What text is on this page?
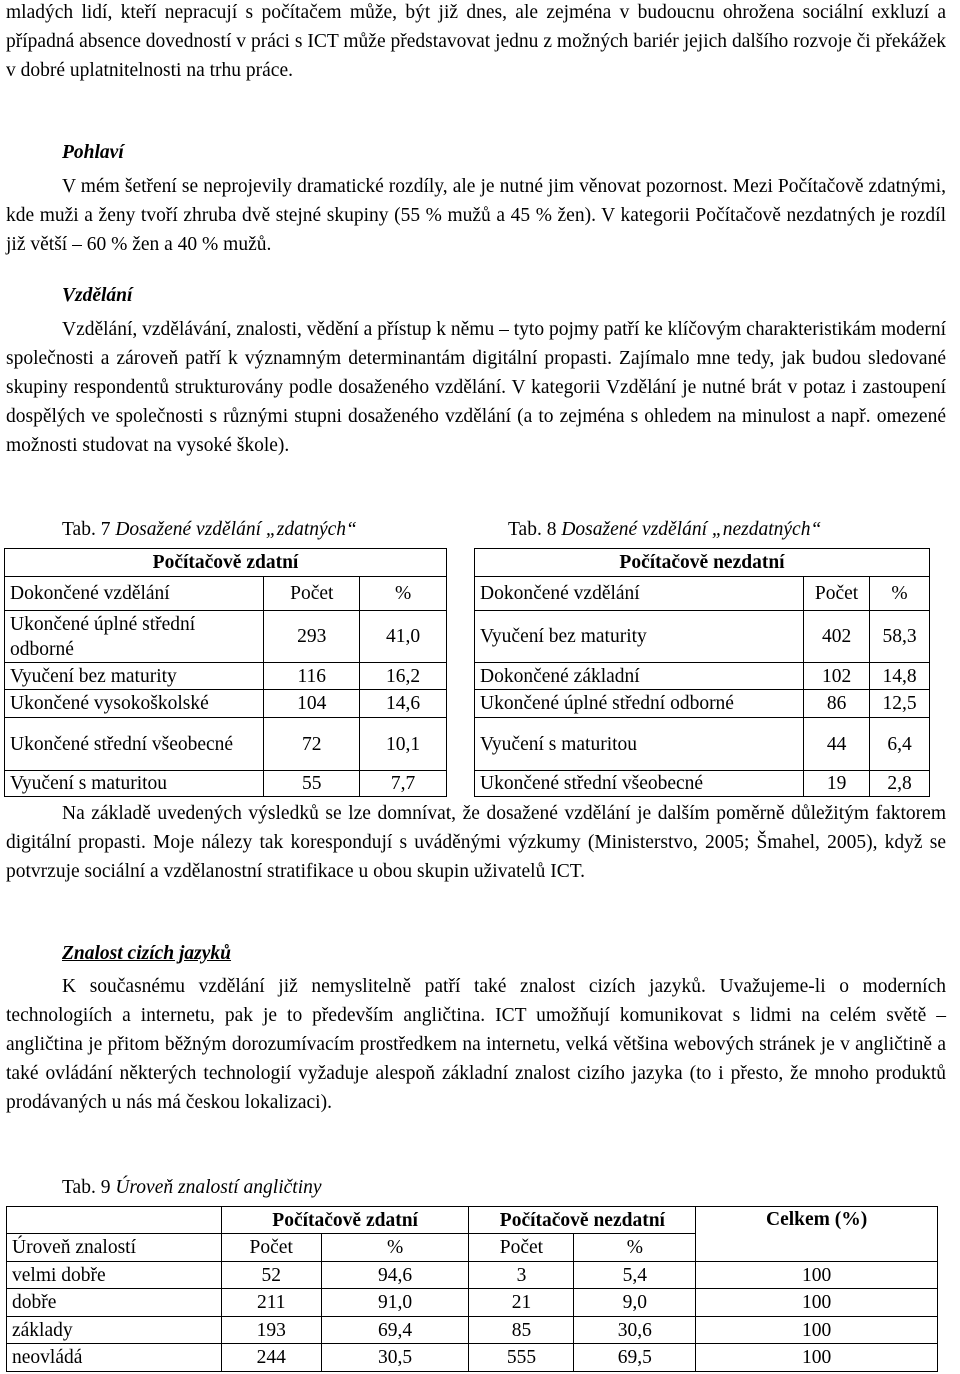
mladých lidí, kteří nepracují s počítačem může, být již dnes, ale zejména v budoucnu ohrožena sociální exkluzí a případná absence dovedností v práci s ICT může představovat jednu z možných bariér jejich dalšího rozvoje či překážek v dobré uplatnitelnosti na trhu práce.
Pohlaví
V mém šetření se neprojevily dramatické rozdíly, ale je nutné jim věnovat pozornost. Mezi Počítačově zdatnými, kde muži a ženy tvoří zhruba dvě stejné skupiny (55 % mužů a 45 % žen). V kategorii Počítačově nezdatných je rozdíl již větší – 60 % žen a 40 % mužů.
Vzdělání
Vzdělání, vzdělávání, znalosti, vědění a přístup k němu – tyto pojmy patří ke klíčovým charakteristikám moderní společnosti a zároveň patří k významným determinantám digitální propasti. Zajímalo mne tedy, jak budou sledované skupiny respondentů strukturovány podle dosaženého vzdělání. V kategorii Vzdělání je nutné brát v potaz i zastoupení dospělých ve společnosti s různými stupni dosaženého vzdělání (a to zejména s ohledem na minulost a např. omezené možnosti studovat na vysoké škole).
Tab. 7 Dosažené vzdělání „zdatných“	Tab. 8 Dosažené vzdělání „nezdatných“
Počítačově zdatní		
Dokončené vzdělání	Počet	%
Ukončené úplné střední odborné	293	41,0
Vyučení bez maturity	116	16,2
Ukončené vysokoškolské	104	14,6
Ukončené střední všeobecné	72	10,1
Vyučení s maturitou	55	7,7
Počítačově nezdatní		
Dokončené vzdělání	Počet	%
Vyučení bez maturity	402	58,3
Dokončené základní	102	14,8
Ukončené úplné střední odborné	86	12,5
Vyučení s maturitou	44	6,4
Ukončené střední všeobecné	19	2,8
Na základě uvedených výsledků se lze domnívat, že dosažené vzdělání je dalším poměrně důležitým faktorem digitální propasti. Moje nálezy tak korespondují s uváděnými výzkumy (Ministerstvo, 2005; Šmahel, 2005), když se potvrzuje sociální a vzdělanostní stratifikace u obou skupin uživatelů ICT.
Znalost cizích jazyků
K současnému vzdělání již nemyslitelně patří také znalost cizích jazyků. Uvažujeme-li o moderních technologiích a internetu, pak je to především angličtina. ICT umožňují komunikovat s lidmi na celém světě – angličtina je přitom běžným dorozumívacím prostředkem na internetu, velká většina webových stránek je v angličtině a také ovládání některých technologií vyžaduje alespoň základní znalost cizího jazyka (to i přesto, že mnoho produktů prodávaných u nás má českou lokalizaci).
Tab. 9 Úroveň znalostí angličtiny
	Počítačově zdatní		Počítačově nezdatní		Celkem (%)
Úroveň znalostí	Počet	%	Počet	%	
velmi dobře	52	94,6	3	5,4	100
dobře	211	91,0	21	9,0	100
základy	193	69,4	85	30,6	100
neovládá	244	30,5	555	69,5	100
